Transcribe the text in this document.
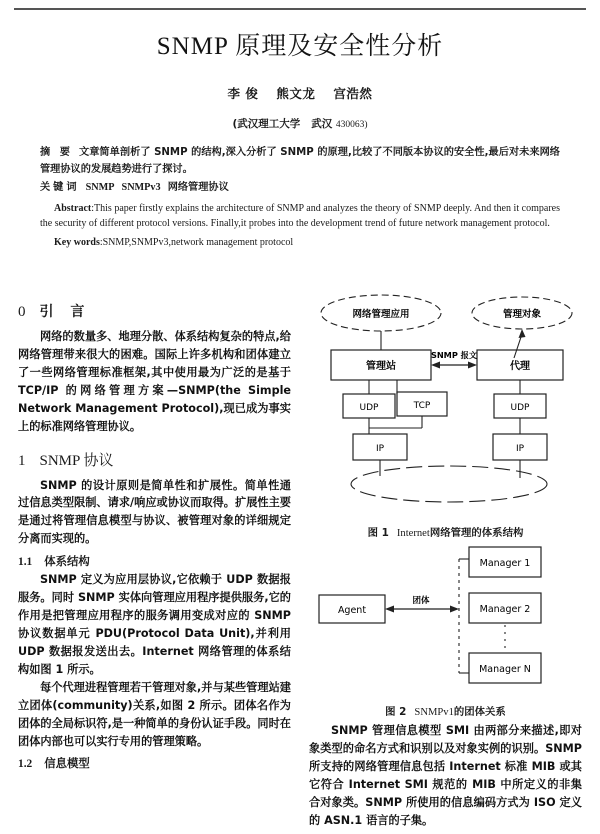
SNMP 原理及安全性分析
李 俊 熊文龙 宫浩然
(武汉理工大学 武汉 430063)
摘 要 文章简单剖析了 SNMP 的结构,深入分析了 SNMP 的原理,比较了不同版本协议的安全性,最后对未来网络管理协议的发展趋势进行了探讨。
关键词 SNMP SNMPv3 网络管理协议
Abstract:This paper firstly explains the architecture of SNMP and analyzes the theory of SNMP deeply. And then it compares the security of different protocol versions. Finally,it probes into the development trend of future network management protocol.
Key words:SNMP,SNMPv3,network management protocol
0 引 言

网络的数量多、地理分散、体系结构复杂的特点,给网络管理带来很大的困难。国际上许多机构和团体建立了一些网络管理标准框架,其中使用最为广泛的是基于 TCP/IP 的网络管理方案—SNMP(the Simple Network Management Protocol),现已成为事实上的标准网络管理协议。

1 SNMP 协议

SNMP 的设计原则是简单性和扩展性。简单性通过信息类型限制、请求/响应或协议而取得。扩展性主要是通过将管理信息模型与协议、被管理对象的详细规定分离而实现的。

1.1 体系结构

SNMP 定义为应用层协议,它依赖于 UDP 数据报服务。同时 SNMP 实体向管理应用程序提供服务,它的作用是把管理应用程序的服务调用变成对应的 SNMP 协议数据单元 PDU(Protocol Data Unit),并利用 UDP 数据报发送出去。Internet 网络管理的体系结构如图 1 所示。

每个代理进程管理若干管理对象,并与某些管理站建立团体(community)关系,如图 2 所示。团体名作为团体的全局标识符,是一种简单的身份认证手段。同时在团体内部也可以实行专用的管理策略。

1.2 信息模型
网络管理应用	管理对象
管理站	代理
SNMP 报文
UDP	TCP
IP
UDP
IP
图 1 Internet网络管理的体系结构
Manager 1
Manager 2
Manager N
Agent
团体
图 2 SNMPv1的团体关系

SNMP 管理信息模型 SMI 由两部分来描述,即对象类型的命名方式和识别以及对象实例的识别。SNMP 所支持的网络管理信息包括 Internet 标准 MIB 或其它符合 Internet SMI 规范的 MIB 中所定义的非集合对象类。SNMP 所使用的信息编码方式为 ISO 定义的 ASN.1 语言的子集。
